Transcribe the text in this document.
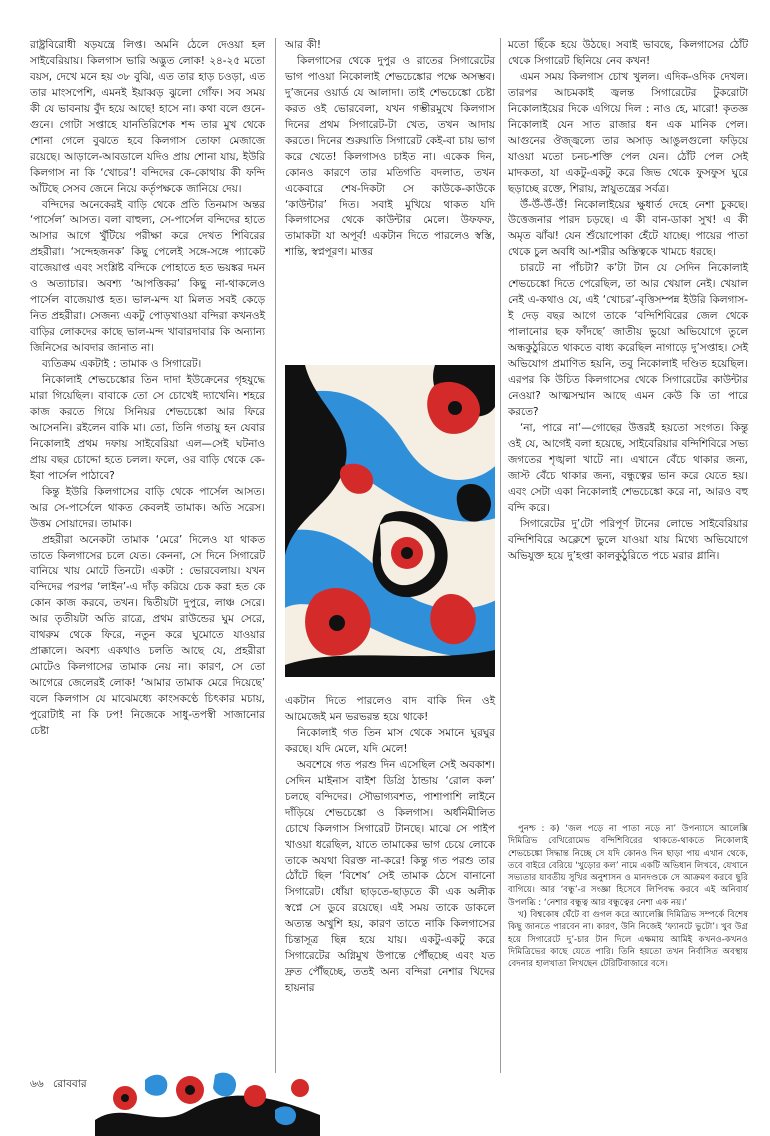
রাষ্ট্রবিরোধী ষড়যন্ত্রে লিপ্ত। অমনি ঠেলে দেওয়া হল সাইবেরিয়ায়। কিলগাস ভারি অদ্ভুত লোক! ২৪-২৫ মতো বয়স, দেখে মনে হয় ৩৮ বুঝি, এত তার হাড় চওড়া, এত তার মাংসপেশি, এমনই ইয়াব্বড় ঝুলো গোঁফ। সব সময় কী যে ভাবনায় বুঁদ হয়ে আছে! হাসে না। কথা বলে গুনে-গুনে। গোটা সপ্তাহে যানতিরিশেক শব্দ তার মুখ থেকে শোনা গেলে বুঝতে হবে কিলগাস তোফা মেজাজে রয়েছে। আড়ালে-আবডালে যদিও প্রায় শোনা যায়, ইউরি কিলগাস না কি ‘খোচর’! বন্দিদের কে-কোথায় কী ফন্দি আঁটছে সেসব জেনে নিয়ে কর্তৃপক্ষকে জানিয়ে দেয়।

বন্দিদের অনেকেরই বাড়ি থেকে প্রতি তিনমাস অন্তর ‘পার্সেল’ আসত। বলা বাহুল্য, সে-পার্সেল বন্দিদের হাতে আসার আগে খুঁটিয়ে পরীক্ষা করে দেখত শিবিরের প্রহরীরা। ‘সন্দেহজনক’ কিছু পেলেই সঙ্গে-সঙ্গে প্যাকেট বাজেয়াপ্ত এবং সংশ্লিষ্ট বন্দিকে পোহাতে হত ভয়ঙ্কর দমন ও অত্যাচার। অবশ্য ‘আপত্তিকর’ কিছু না-থাকলেও পার্সেল বাজেয়াপ্ত হত। ভাল-মন্দ যা মিলত সবই কেড়ে নিত প্রহরীরা। সেজন্য একটু পোড়খাওয়া বন্দিরা কখনওই বাড়ির লোকদের কাছে ভাল-মন্দ খাবারদাবার কি অন্যান্য জিনিসের আবদার জানাত না।

ব্যতিক্রম একটাই : তামাক ও সিগারেট।

নিকোলাই শেভচেঙ্কোর তিন দাদা ইউক্রেনের গৃহযুদ্ধে মারা গিয়েছিল। বাবাকে তো সে চোখেই দ্যাখেনি। শহরে কাজ করতে গিয়ে সিনিয়র শেভচেঙ্কো আর ফিরে আসেননি। রইলেন বাকি মা। তো, তিনি গতায়ু হন যেবার নিকোলাই প্রথম দফায় সাইবেরিয়া এল—সেই ঘটনাও প্রায় বছর চোদ্দো হতে চলল। ফলে, ওর বাড়ি থেকে কে-ইবা পার্সেল পাঠাবে?

কিন্তু ইউরি কিলগাসের বাড়ি থেকে পার্সেল আসত। আর সে-পার্সেলে থাকত কেবলই তামাক। অতি সরেস। উত্তম সোয়াদের। তামাক।

প্রহরীরা অনেকটা তামাক ‘মেরে’ দিলেও যা থাকত তাতে কিলগাসের চলে যেত। কেননা, সে দিনে সিগারেট বানিয়ে খায় মোটে তিনটে। একটা : ভোরবেলায়। যখন বন্দিদের পরপর ‘লাইন’-এ দাঁড় করিয়ে চেক করা হত কে কোন কাজ করবে, তখন। দ্বিতীয়টা দুপুরে, লাঞ্চ সেরে। আর তৃতীয়টা অতি রাত্রে, প্রথম রাউন্ডের ঘুম সেরে, বাথরুম থেকে ফিরে, নতুন করে ঘুমোতে যাওয়ার প্রাক্কালে। অবশ্য একথাও চলতি আছে যে, প্রহরীরা মোটেও কিলগাসের তামাক নেয় না। কারণ, সে তো আগেরে জেলেরই লোক! ‘আমার তামাক মেরে দিয়েছে’ বলে কিলগাস যে মাঝেমধ্যে কাংসকণ্ঠে চিৎকার মচায়, পুরোটাই না কি ঢপ! নিজেকে সাধু-তপস্বী সাজানোর চেষ্টা

আর কী!

কিলগাসের থেকে দুপুর ও রাতের সিগারেটের ভাগ পাওয়া নিকোলাই শেভচেঙ্কোর পক্ষে অসম্ভব। দু’জনের ওয়ার্ড যে আলাদা। তাই শেভচেঙ্কো চেষ্টা করত ওই ভোরবেলা, যখন গম্ভীরমুখে কিলগাস দিনের প্রথম সিগারেট-টা খেত, তখন আদায় করতে। দিনের শুরুয়াতি সিগারেট কেই-বা চায় ভাগ করে খেতে! কিলগাসও চাইত না। একেক দিন, কোনও কারণে তার মতিগতি বদলাত, তখন একেবারে শেষ-দিকটা সে কাউকে-কাউকে ‘কাউন্টার’ দিত। সবাই মুখিয়ে থাকত যদি কিলগাসের থেকে কাউন্টার মেলে। উফফফ, তামাকটা যা অপূর্ব! একটান দিতে পারলেও স্বস্তি, শান্তি, স্বপ্নপূরণ। মাত্তর

একটান দিতে পারলেও বাদ বাকি দিন ওই আমেজেই মন ভরভরন্ত হয়ে থাকে!

নিকোলাই গত তিন মাস থেকে সমানে ঘুরঘুর করছে। যদি মেলে, যদি মেলে!

অবশেষে গত পরশু দিন এসেছিল সেই অবকাশ। সেদিন মাইনাস বাইশ ডিগ্রি ঠান্ডায় ‘রোল কল’ চলছে বন্দিদের। সৌভাগ্যবশত, পাশাপাশি লাইনে দাঁড়িয়ে শেভচেঙ্কো ও কিলগাস। অর্ধনিমীলিত চোখে কিলগাস সিগারেট টানছে। মাঝে সে পাইপ খাওয়া ধরেছিল, যাতে তামাকের ভাগ চেয়ে লোকে তাকে অযথা বিরক্ত না-করে! কিন্তু গত পরশু তার ঠোঁটে ছিল ‘বিশেষ’ সেই তামাক ঠেসে বানানো সিগারেট। ধোঁয়া ছাড়তে-ছাড়তে কী এক অলীক স্বপ্নে সে ডুবে রয়েছে। এই সময় তাকে ডাকলে অত্যন্ত অখুশি হয়, কারণ তাতে নাকি কিলগাসের চিন্তাসূত্র ছিন্ন হয়ে যায়। একটু-একটু করে সিগারেটের অগ্নিমুখ উপান্তে পৌঁছচ্ছে এবং যত দ্রুত পৌঁছচ্ছে, ততই অন্য বন্দিরা নেশার খিদের হায়নার

মতো ছিঁকে হয়ে উঠছে। সবাই ভাবছে, কিলগাসের ঠোঁট থেকে সিগারেট ছিনিয়ে নেব কখন!

এমন সময় কিলগাস চোখ খুলল। এদিক-ওদিক দেখল। তারপর আচমকাই জ্বলন্ত সিগারেটের টুকরোটা নিকোলাইয়ের দিকে এগিয়ে দিল : নাও হে, মারো! কৃতজ্ঞ নিকোলাই যেন সাত রাজার ধন এক মানিক পেল। আগুনের ঔজ্জ্বল্যে তার অসাড় আঙুলগুলো ফড়িয়ে যাওয়া মতো চনচ-শক্তি পেল যেন। ঠোঁট পেল সেই মাদকতা, যা একটু-একটু করে জিভ থেকে ফুসফুস ঘুরে ছড়াচ্ছে রক্তে, শিরায়, স্নায়ুতন্ত্রের সর্বত্র।

উঁ-উঁ-উঁ-উঁ! নিকোলাইয়ের ক্ষুধার্ত দেহে নেশা চুকছে। উত্তেজনার পারদ চড়ছে। এ কী বান-ডাকা সুখ! এ কী অমৃত ঝাঁঝ! যেন শুঁয়োপোকা হেঁটে যাচ্ছে। পায়ের পাতা থেকে চুল অবধি আ-শরীর অস্তিত্বকে খামচে ধরছে।

চারটে না পাঁচটা? ক’টা টান যে সেদিন নিকোলাই শেভচেঙ্কো দিতে পেরেছিল, তা আর খেয়াল নেই। খেয়াল নেই এ-কথাও যে, এই ‘খোচর’-বৃত্তিসম্পন্ন ইউরি কিলগাস-ই দেড় বছর আগে তাকে ‘বন্দিশিবিরের জেল থেকে পালানোর ছক ফাঁদছে’ জাতীয় ভুয়ো অভিযোগে তুলে অন্ধকুঠুরিতে থাকতে বাধ্য করেছিল নাগাড়ে দু’সপ্তাহ। সেই অভিযোগ প্রমাণিত হয়নি, তবু নিকোলাই দণ্ডিত হয়েছিল। এরপর কি উচিত কিলগাসের থেকে সিগারেটের কাউন্টার নেওয়া? আত্মসম্মান আছে এমন কেউ কি তা পারে করতে?

‘না, পারে না’—গোছের উত্তরই হয়তো সংগত। কিন্তু ওই যে, আগেই বলা হয়েছে, সাইবেরিয়ার বন্দিশিবিরে সভ্য জগতের শৃঙ্খলা খাটে না। এখানে বেঁচে থাকার জন্য, জাস্ট বেঁচে থাকার জন্য, বন্ধুত্বের ভান করে যেতে হয়। এবং সেটা একা নিকোলাই শেভচেঙ্কো করে না, আরও বহু বন্দি করে।

সিগারেটের দু’টো পরিপূর্ণ টানের লোভে সাইবেরিয়ার বন্দিশিবিরে অক্লেশে ভুলে যাওয়া যায় মিথ্যে অভিযোগে অভিযুক্ত হয়ে দু’হপ্তা কালকুঠুরিতে পচে মরার গ্লানি।

পুনশ্চ : ক) ‘জল পড়ে না পাতা নড়ে না’ উপন্যাসে আলেক্সি দিমিত্রিভ বেখিরোমেভ বন্দিশিবিরের থাকতে-থাকতে নিকোলাই শেভচেঙ্কো সিদ্ধান্ত নিচ্ছে সে যদি কোনও দিন ছাড়া পায় এখান থেকে, তবে বাইরে বেরিয়ে ‘খুড়োর কল’ নামে একটি অভিধান লিখবে, যেখানে সভ্যতার যাবতীয় সুখির অনুশাসন ও মানদণ্ডকে সে আক্রমণ করবে ছুরি বাগিয়ে। আর ‘বন্ধু’-র সংজ্ঞা হিসেবে লিপিবদ্ধ করবে এই অনিবার্য উপলব্ধি : ‘নেশার বন্ধুত্ব আর বন্ধুত্বের নেশা এক নয়।’

খ) বিশ্বকোষ ঘেঁটে বা গুগল করে অ্যালেক্সি দিমিত্রিভ সম্পর্কে বিশেষ কিছু জানতে পারবেন না। কারণ, উনি নিজেই ‘ফ্যানটে ভুটো’। খুব উগ্র হয়ে সিগারেটে দু’-চার টান দিলে এক্ষমায় আমিই কখনও-কখনও দিমিত্রিভের কাছে যেতে পারি। তিনি হয়তো তখন নির্বাসিত অবস্থায় বেদনার হালখাতা লিখছেন টেরিটিবাজারে বসে।

৬৬ রোববার
